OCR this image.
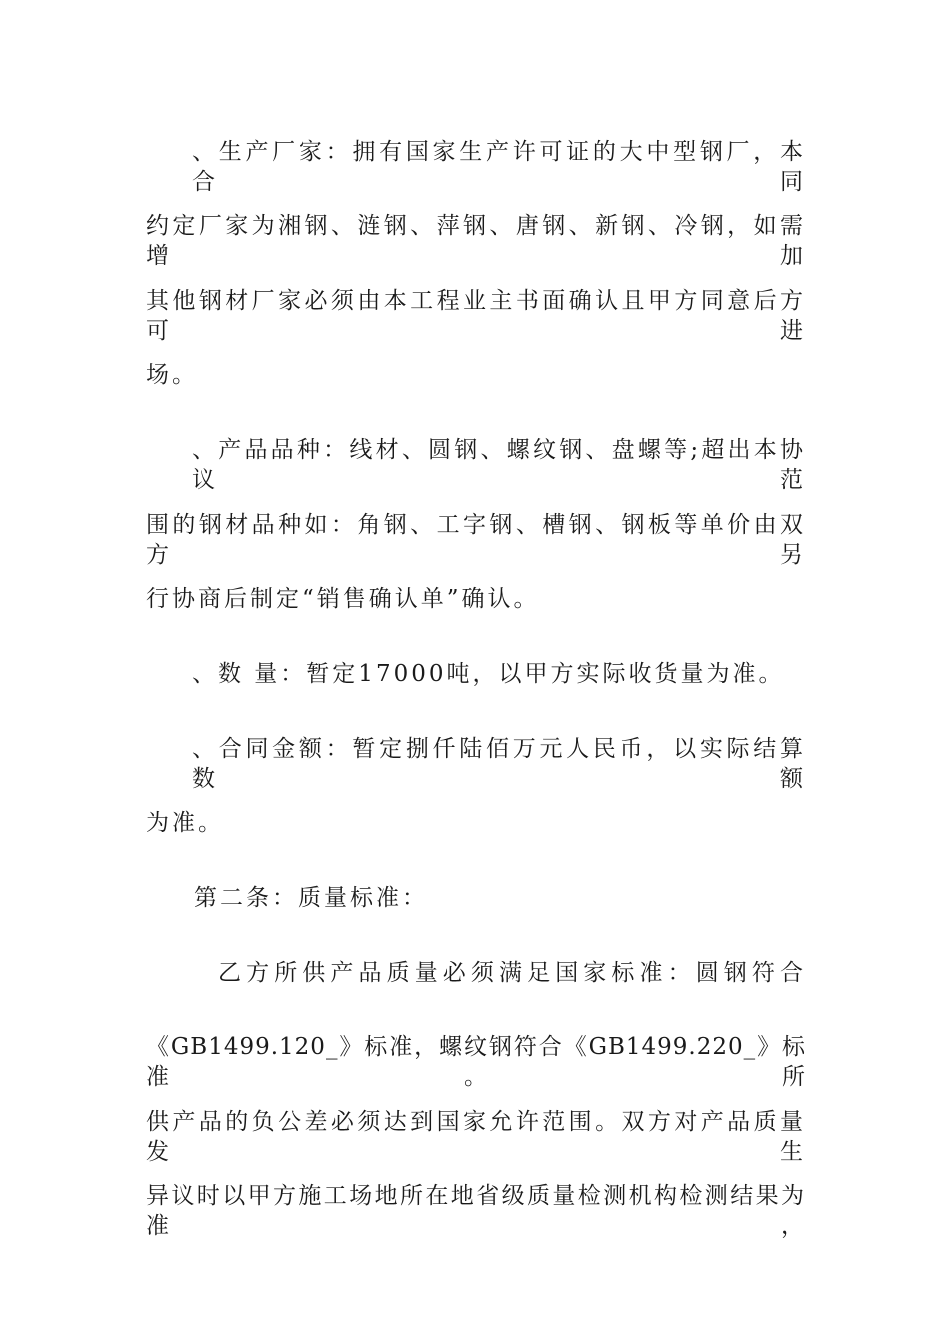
、生产厂家：拥有国家生产许可证的大中型钢厂，本合同
约定厂家为湘钢、涟钢、萍钢、唐钢、新钢、冷钢，如需增加
其他钢材厂家必须由本工程业主书面确认且甲方同意后方可进
场。
、产品品种：线材、圆钢、螺纹钢、盘螺等;超出本协议范
围的钢材品种如：角钢、工字钢、槽钢、钢板等单价由双方另
行协商后制定“销售确认单”确认。
、数 量：暂定17000吨，以甲方实际收货量为准。
、合同金额：暂定捌仟陆佰万元人民币，以实际结算数额
为准。
第二条：质量标准：
乙方所供产品质量必须满足国家标准：圆钢符合
《GB1499.120_》标准，螺纹钢符合《GB1499.220_》标准。所
供产品的负公差必须达到国家允许范围。双方对产品质量发生
异议时以甲方施工场地所在地省级质量检测机构检测结果为准，
